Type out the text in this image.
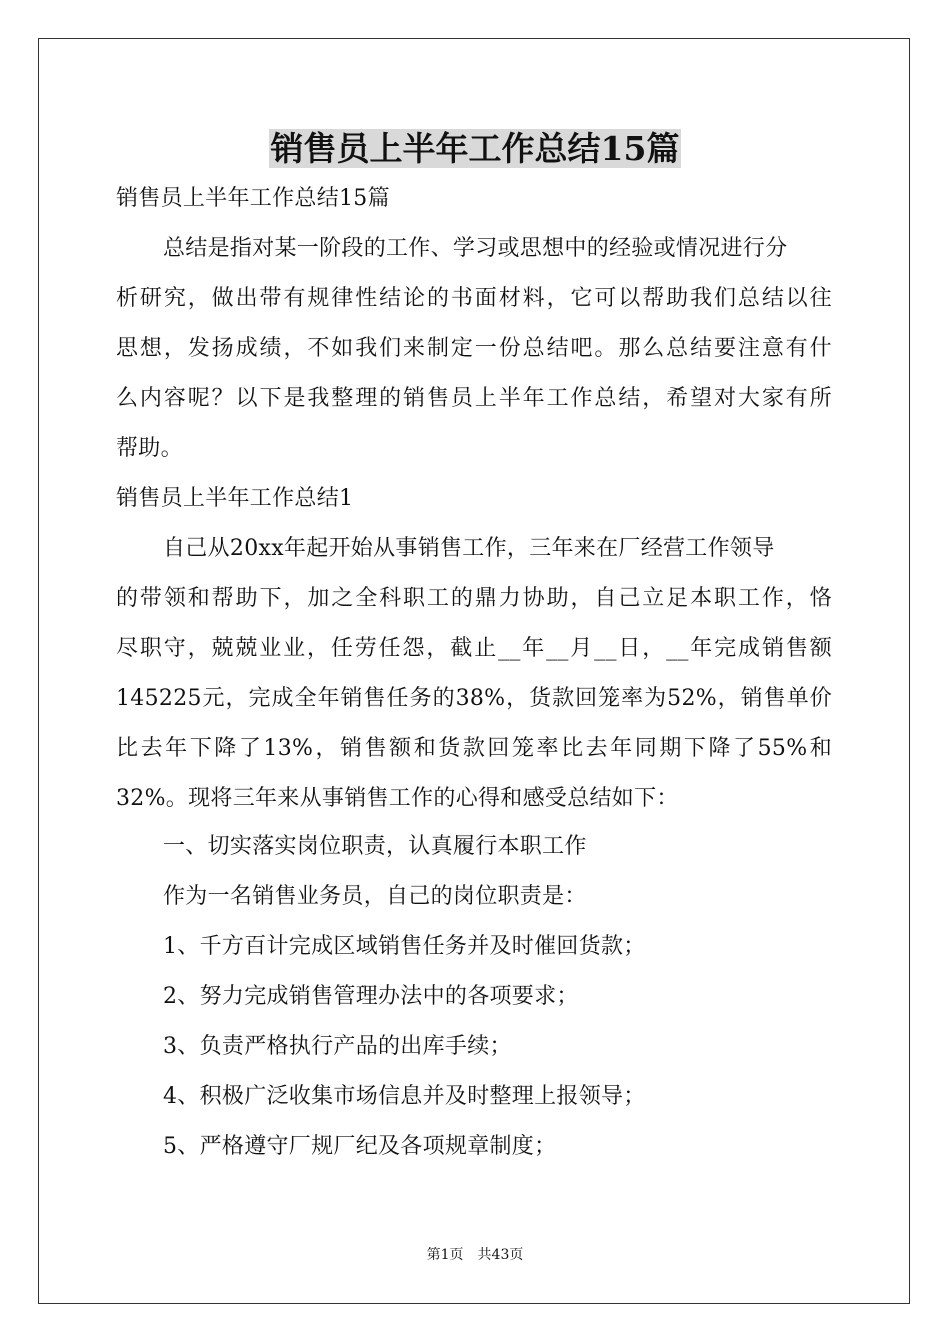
销售员上半年工作总结15篇
销售员上半年工作总结15篇
总结是指对某一阶段的工作、学习或思想中的经验或情况进行分
析研究，做出带有规律性结论的书面材料，它可以帮助我们总结以往
思想，发扬成绩，不如我们来制定一份总结吧。那么总结要注意有什
么内容呢？以下是我整理的销售员上半年工作总结，希望对大家有所
帮助。
销售员上半年工作总结1
自己从20xx年起开始从事销售工作，三年来在厂经营工作领导
的带领和帮助下，加之全科职工的鼎力协助，自己立足本职工作，恪
尽职守，兢兢业业，任劳任怨，截止__年__月__日，__年完成销售额
145225元，完成全年销售任务的38%，货款回笼率为52%，销售单价
比去年下降了13%，销售额和货款回笼率比去年同期下降了55%和
32%。现将三年来从事销售工作的心得和感受总结如下：
一、切实落实岗位职责，认真履行本职工作
作为一名销售业务员，自己的岗位职责是：
1、千方百计完成区域销售任务并及时催回货款；
2、努力完成销售管理办法中的各项要求；
3、负责严格执行产品的出库手续；
4、积极广泛收集市场信息并及时整理上报领导；
5、严格遵守厂规厂纪及各项规章制度；
第1页　共43页
